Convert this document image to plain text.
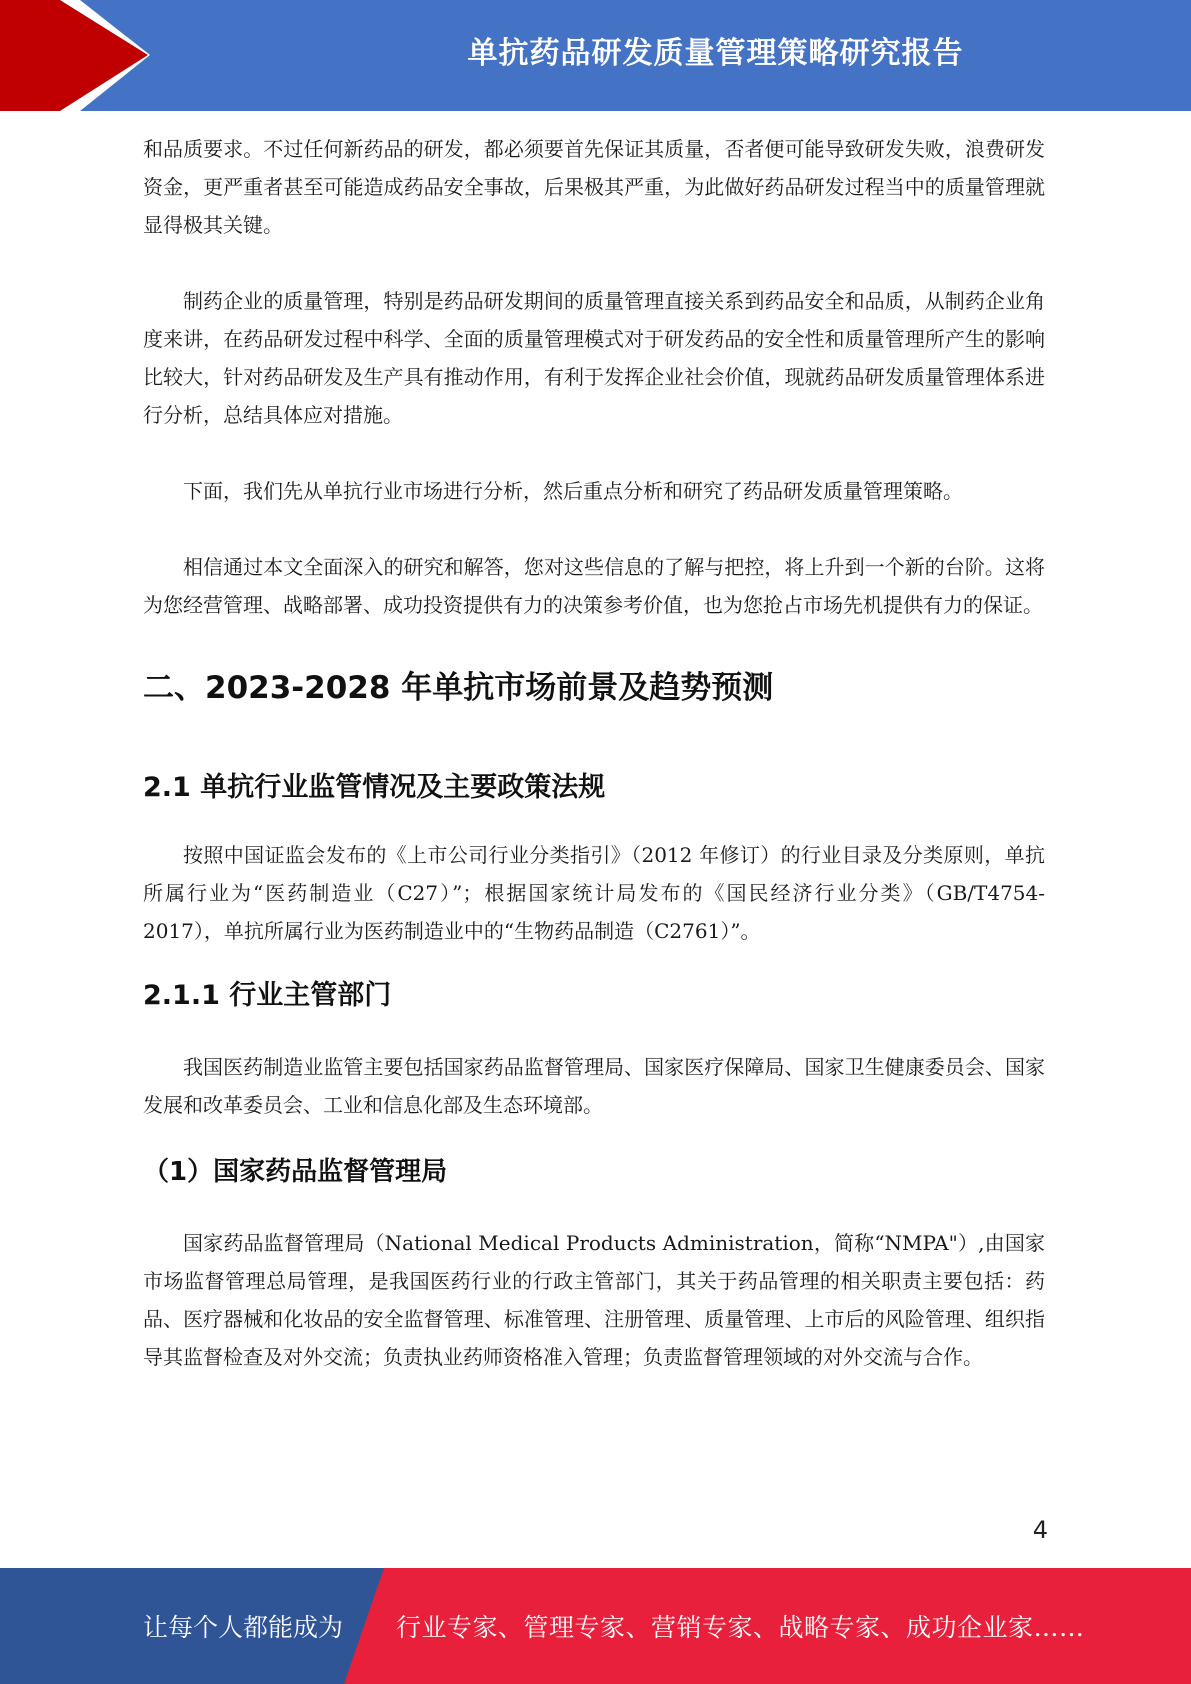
单抗药品研发质量管理策略研究报告

和品质要求。不过任何新药品的研发，都必须要首先保证其质量，否者便可能导致研发失败，浪费研发资金，更严重者甚至可能造成药品安全事故，后果极其严重，为此做好药品研发过程当中的质量管理就显得极其关键。

制药企业的质量管理，特别是药品研发期间的质量管理直接关系到药品安全和品质，从制药企业角度来讲，在药品研发过程中科学、全面的质量管理模式对于研发药品的安全性和质量管理所产生的影响比较大，针对药品研发及生产具有推动作用，有利于发挥企业社会价值，现就药品研发质量管理体系进行分析，总结具体应对措施。

下面，我们先从单抗行业市场进行分析，然后重点分析和研究了药品研发质量管理策略。

相信通过本文全面深入的研究和解答，您对这些信息的了解与把控，将上升到一个新的台阶。这将为您经营管理、战略部署、成功投资提供有力的决策参考价值，也为您抢占市场先机提供有力的保证。

二、2023-2028 年单抗市场前景及趋势预测
2.1 单抗行业监管情况及主要政策法规

按照中国证监会发布的《上市公司行业分类指引》（2012 年修订）的行业目录及分类原则，单抗所属行业为“医药制造业（C27）”；根据国家统计局发布的《国民经济行业分类》（GB/T4754-2017），单抗所属行业为医药制造业中的“生物药品制造（C2761）”。

2.1.1 行业主管部门

我国医药制造业监管主要包括国家药品监督管理局、国家医疗保障局、国家卫生健康委员会、国家发展和改革委员会、工业和信息化部及生态环境部。

（1）国家药品监督管理局

国家药品监督管理局（National Medical Products Administration，简称“NMPA"）,由国家市场监督管理总局管理，是我国医药行业的行政主管部门，其关于药品管理的相关职责主要包括：药品、医疗器械和化妆品的安全监督管理、标准管理、注册管理、质量管理、上市后的风险管理、组织指导其监督检查及对外交流；负责执业药师资格准入管理；负责监督管理领域的对外交流与合作。

4
让每个人都能成为 行业专家、管理专家、营销专家、战略专家、成功企业家……
